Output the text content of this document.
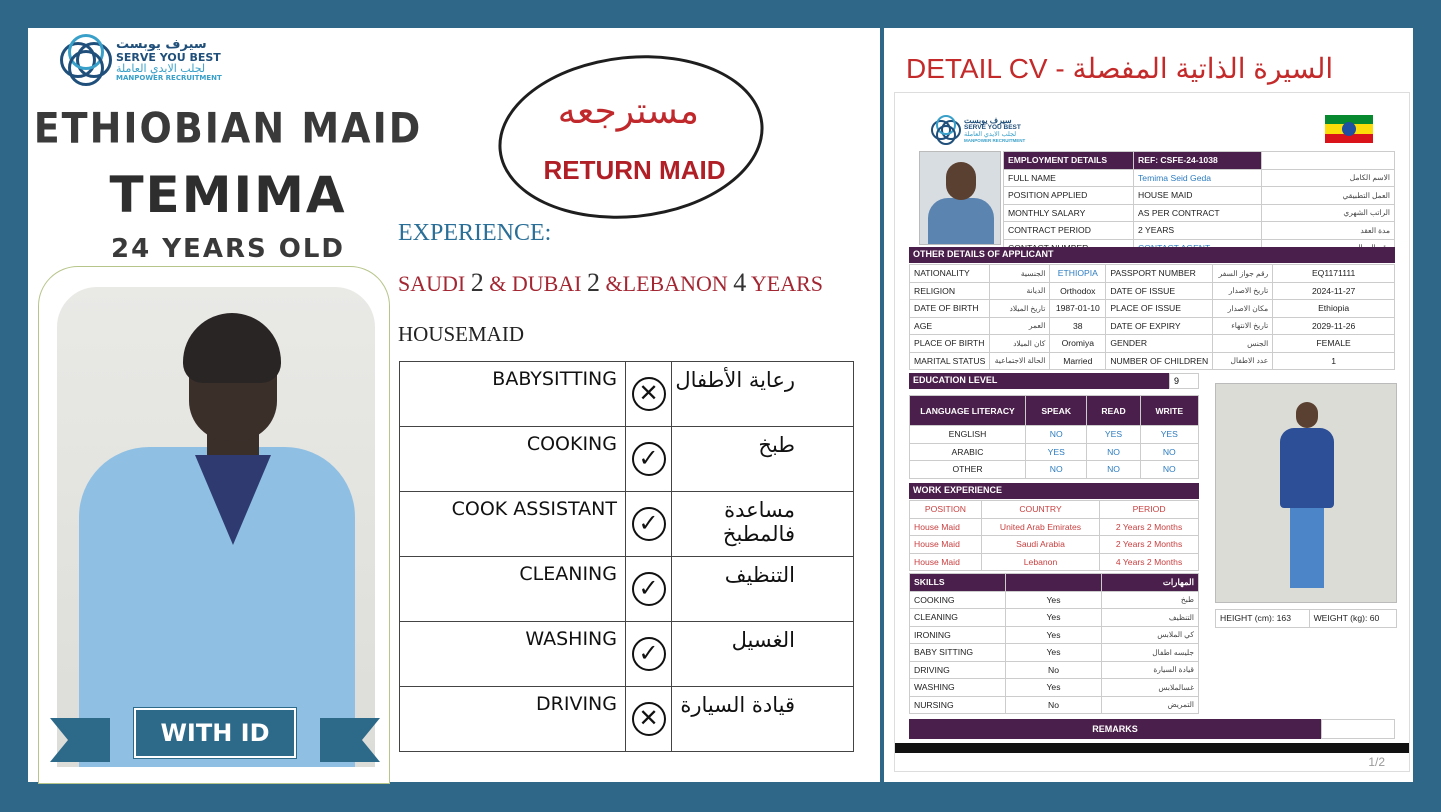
سيرف يوبست
SERVE YOU BEST
لجلب الايدي العاملة
MANPOWER RECRUITMENT
ETHIOBIAN MAID
TEMIMA
24 YEARS OLD
WITH ID
مسترجعه
RETURN MAID
EXPERIENCE:
SAUDI 2 & DUBAI 2 &LEBANON 4 YEARS
HOUSEMAID
BABYSITTING	✕	رعاية الأطفال
COOKING	✓	طبخ
COOK ASSISTANT	✓	مساعدة فالمطبخ
CLEANING	✓	التنظيف
WASHING	✓	الغسيل
DRIVING	✕	قيادة السيارة
DETAIL CV - السيرة الذاتية المفصلة
سيرف يوبست
SERVE YOU BEST
لجلب الايدي العاملة
MANPOWER RECRUITMENT
EMPLOYMENT DETAILS	REF: CSFE-24-1038	
FULL NAME	Temima Seid Geda	الاسم الكامل
POSITION APPLIED	HOUSE MAID	العمل التطبيقي
MONTHLY SALARY	AS PER CONTRACT	الراتب الشهري
CONTRACT PERIOD	2 YEARS	مدة العقد

OTHER DETAILS OF APPLICANT
NATIONALITY	الجنسية	ETHIOPIA	PASSPORT NUMBER	رقم جواز السفر	EQ1171111
RELIGION	الديانة	Orthodox	DATE OF ISSUE	تاريخ الاصدار	2024-11-27
DATE OF BIRTH	تاريخ الميلاد	1987-01-10	PLACE OF ISSUE	مكان الاصدار	Ethiopia
AGE	العمر	38	DATE OF EXPIRY	تاريخ الانتهاء	2029-11-26
PLACE OF BIRTH	كان الميلاد	Oromiya	GENDER	الجنس	FEMALE
MARITAL STATUS	الحالة الاجتماعية	Married	NUMBER OF CHILDREN	عدد الاطفال	1
EDUCATION LEVEL	9
LANGUAGE LITERACY	SPEAK	READ	WRITE
ENGLISH	NO	YES	YES
ARABIC	YES	NO	NO
OTHER	NO	NO	NO
WORK EXPERIENCE
POSITION	COUNTRY	PERIOD
House Maid	United Arab Emirates	2 Years 2 Months
House Maid	Saudi Arabia	2 Years 2 Months
House Maid	Lebanon	4 Years 2 Months
HEIGHT (cm): 163	WEIGHT (kg): 60
SKILLS		المهارات
COOKING	Yes	طبخ
CLEANING	Yes	التنظيف
IRONING	Yes	كي الملابس
BABY SITTING	Yes	جليسه اطفال
DRIVING	No	قيادة السيارة
WASHING	Yes	غسالملابس
NURSING	No	التمريض
REMARKS
1/2
